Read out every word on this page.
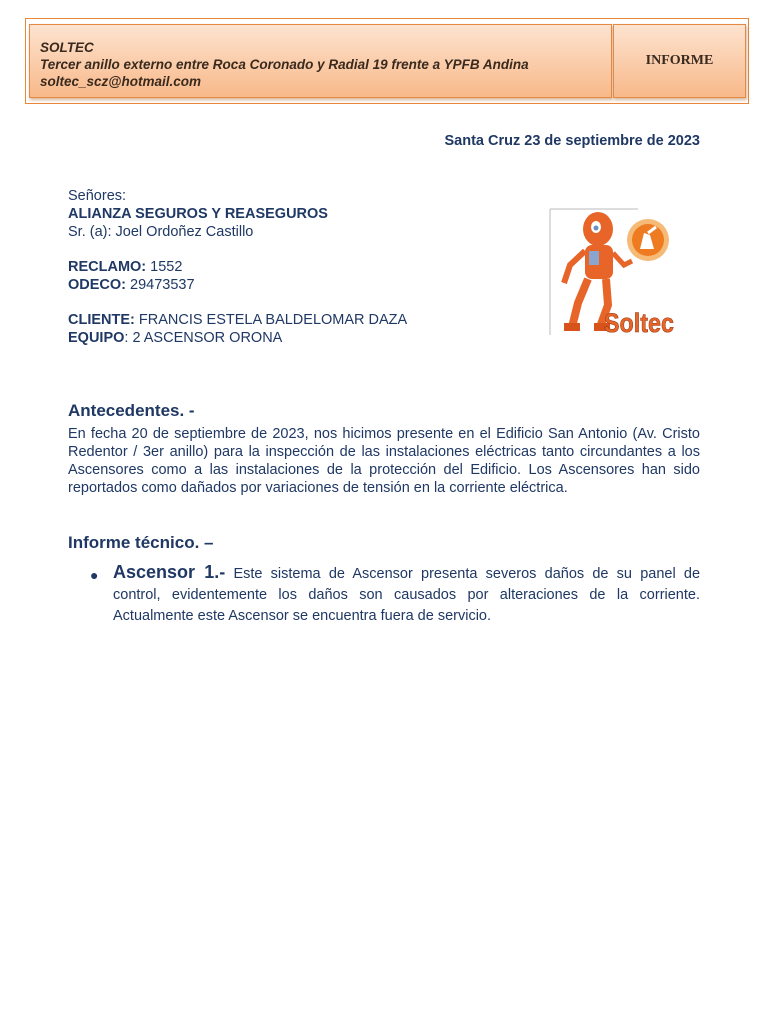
SOLTEC
Tercer anillo externo entre Roca Coronado y Radial 19 frente a YPFB Andina
soltec_scz@hotmail.com
INFORME
Santa Cruz 23 de septiembre de 2023
Señores:
ALIANZA SEGUROS Y REASEGUROS
Sr. (a): Joel Ordoñez Castillo
RECLAMO: 1552
ODECO: 29473537
CLIENTE: FRANCIS ESTELA BALDELOMAR DAZA
EQUIPO: 2 ASCENSOR ORONA	Soltec
Antecedentes. -
En fecha 20 de septiembre de 2023, nos hicimos presente en el Edificio San Antonio (Av. Cristo Redentor / 3er anillo) para la inspección de las instalaciones eléctricas tanto circundantes a los Ascensores como a las instalaciones de la protección del Edificio. Los Ascensores han sido reportados como dañados por variaciones de tensión en la corriente eléctrica.
Informe técnico. –
● Ascensor 1.- Este sistema de Ascensor presenta severos daños de su panel de control, evidentemente los daños son causados por alteraciones de la corriente. Actualmente este Ascensor se encuentra fuera de servicio.
